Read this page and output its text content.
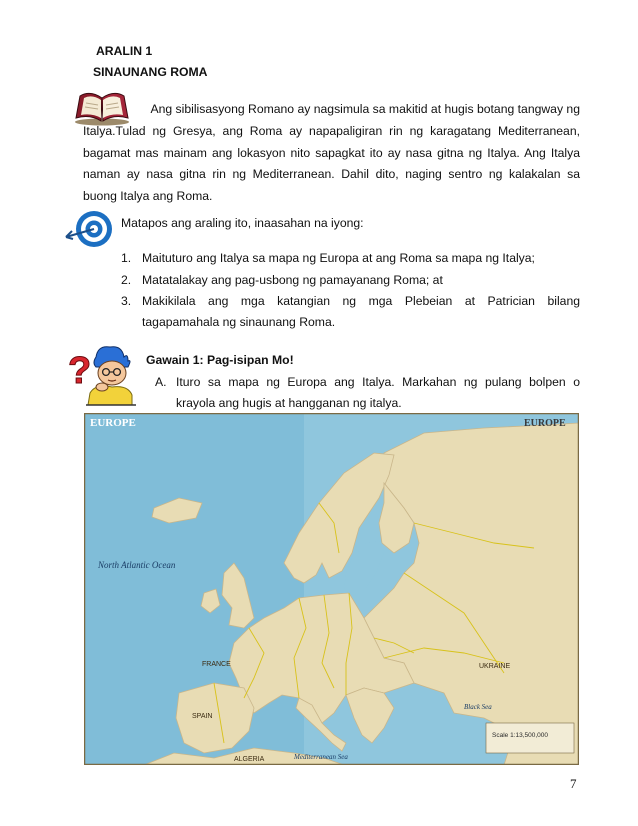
ARALIN 1
SINAUNANG ROMA
Ang sibilisasyong Romano ay nagsimula sa makitid at hugis botang tangway ng
Italya.Tulad ng Gresya, ang Roma ay napapaligiran rin ng karagatang Mediterranean,
bagamat mas mainam ang lokasyon nito sapagkat ito ay nasa gitna ng Italya. Ang Italya
naman ay nasa gitna rin ng Mediterranean. Dahil dito, naging sentro ng kalakalan sa
buong Italya ang Roma.
Matapos ang araling ito, inaasahan na iyong:
1. Maituturo ang Italya sa mapa ng Europa at ang Roma sa mapa ng Italya;
2. Matatalakay ang pag-usbong ng pamayanang Roma; at
3. Makikilala ang mga katangian ng mga Plebeian at Patrician bilang
tagapamahala ng sinaunang Roma.
?	Gawain 1: Pag-isipan Mo!
A. Ituro sa mapa ng Europa ang Italya. Markahan ng pulang bolpen o
krayola ang hugis at hangganan ng italya.
EUROPE	EUROPE
North Atlantic Ocean
FRANCE
SPAIN
ALGERIA
UKRAINE
Black Sea
Mediterranean Sea
Scale 1:13,500,000
7
